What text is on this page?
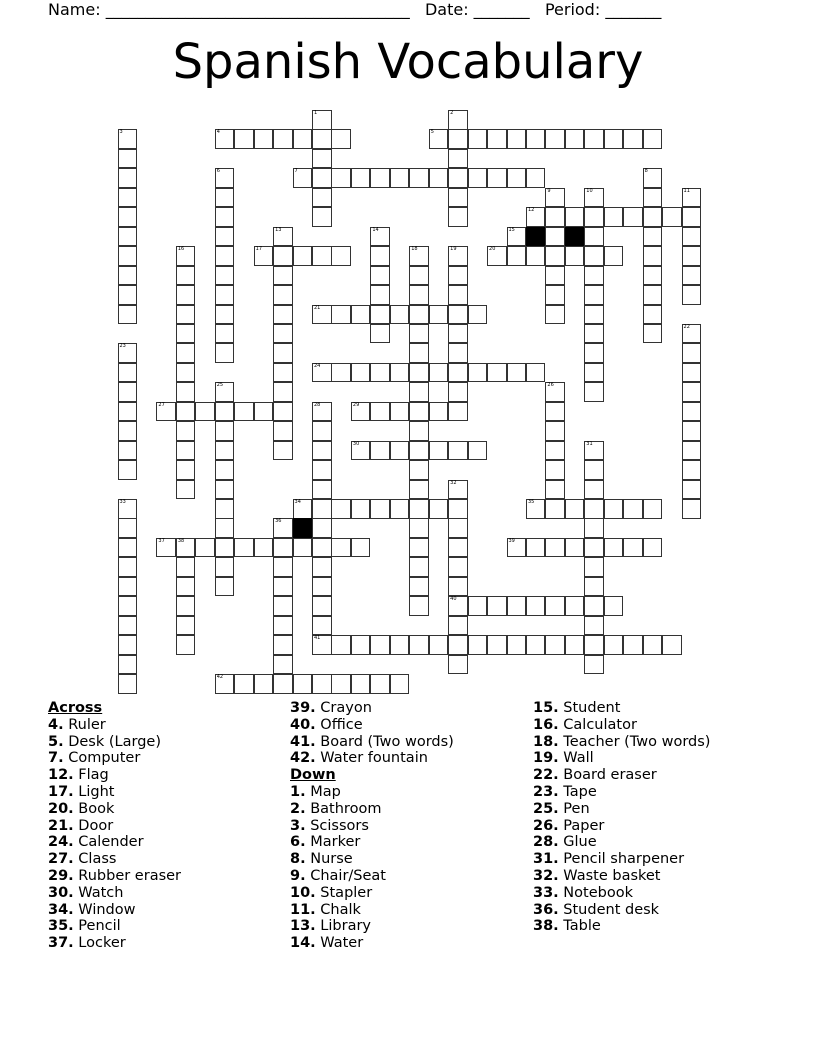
Name: ______________________________________ Date: _______ Period: _______
Spanish Vocabulary
1	2
3	4	5
6	7	8
9	10	11
12
13	14	15
16	17	18	19	20
21
22
23
24
25	26
27	28	29
30	31
32
40
33	34	35
36
37	38	39
41
42
Across
4. Ruler
5. Desk (Large)
7. Computer
12. Flag
17. Light
20. Book
21. Door
24. Calender
27. Class
29. Rubber eraser
30. Watch
34. Window
35. Pencil
37. Locker
39. Crayon
40. Office
41. Board (Two words)
42. Water fountain
Down
1. Map
2. Bathroom
3. Scissors
6. Marker
8. Nurse
9. Chair/Seat
10. Stapler
11. Chalk
13. Library
14. Water
15. Student
16. Calculator
18. Teacher (Two words)
19. Wall
22. Board eraser
23. Tape
25. Pen
26. Paper
28. Glue
31. Pencil sharpener
32. Waste basket
33. Notebook
36. Student desk
38. Table
